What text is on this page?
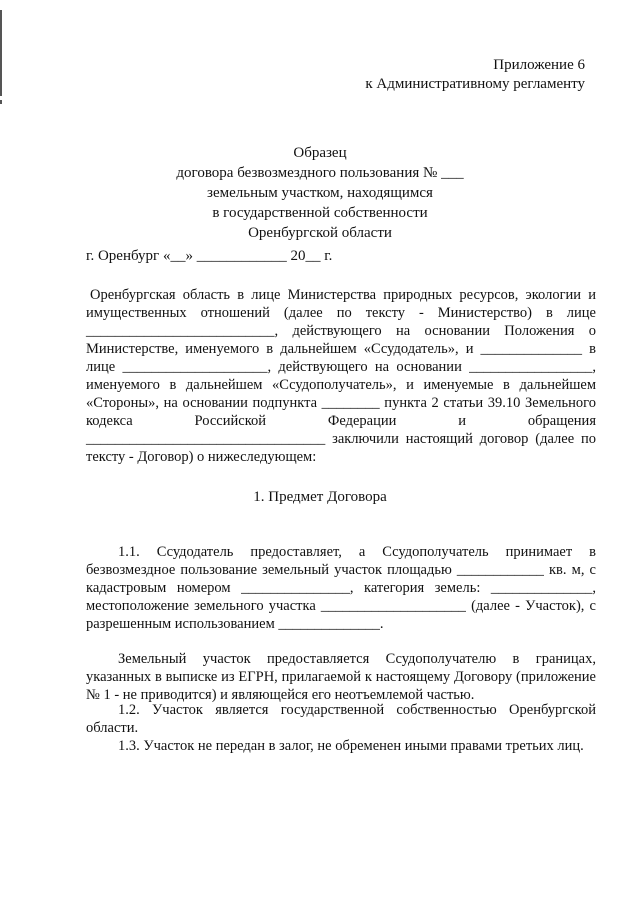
Приложение 6
к Административному регламенту
Образец
договора безвозмездного пользования № ___
земельным участком, находящимся
в государственной собственности
Оренбургской области
г. Оренбург «__» ____________ 20__ г.
Оренбургская область в лице Министерства природных ресурсов, экологии и имущественных отношений (далее по тексту - Министерство) в лице __________________________, действующего на основании Положения о Министерстве, именуемого в дальнейшем «Ссудодатель», и ______________ в лице ____________________, действующего на основании _________________, именуемого в дальнейшем «Ссудополучатель», и именуемые в дальнейшем «Стороны», на основании подпункта ________ пункта 2 статьи 39.10 Земельного кодекса Российской Федерации и обращения _________________________________ заключили настоящий договор (далее по тексту - Договор) о нижеследующем:
1. Предмет Договора
1.1. Ссудодатель предоставляет, а Ссудополучатель принимает в безвозмездное пользование земельный участок площадью ____________ кв. м, с кадастровым номером _______________, категория земель: ______________, местоположение земельного участка ____________________ (далее - Участок), с разрешенным использованием ______________.
Земельный участок предоставляется Ссудополучателю в границах, указанных в выписке из ЕГРН, прилагаемой к настоящему Договору (приложение № 1 - не приводится) и являющейся его неотъемлемой частью.
1.2. Участок является государственной собственностью Оренбургской области.
1.3. Участок не передан в залог, не обременен иными правами третьих лиц.
